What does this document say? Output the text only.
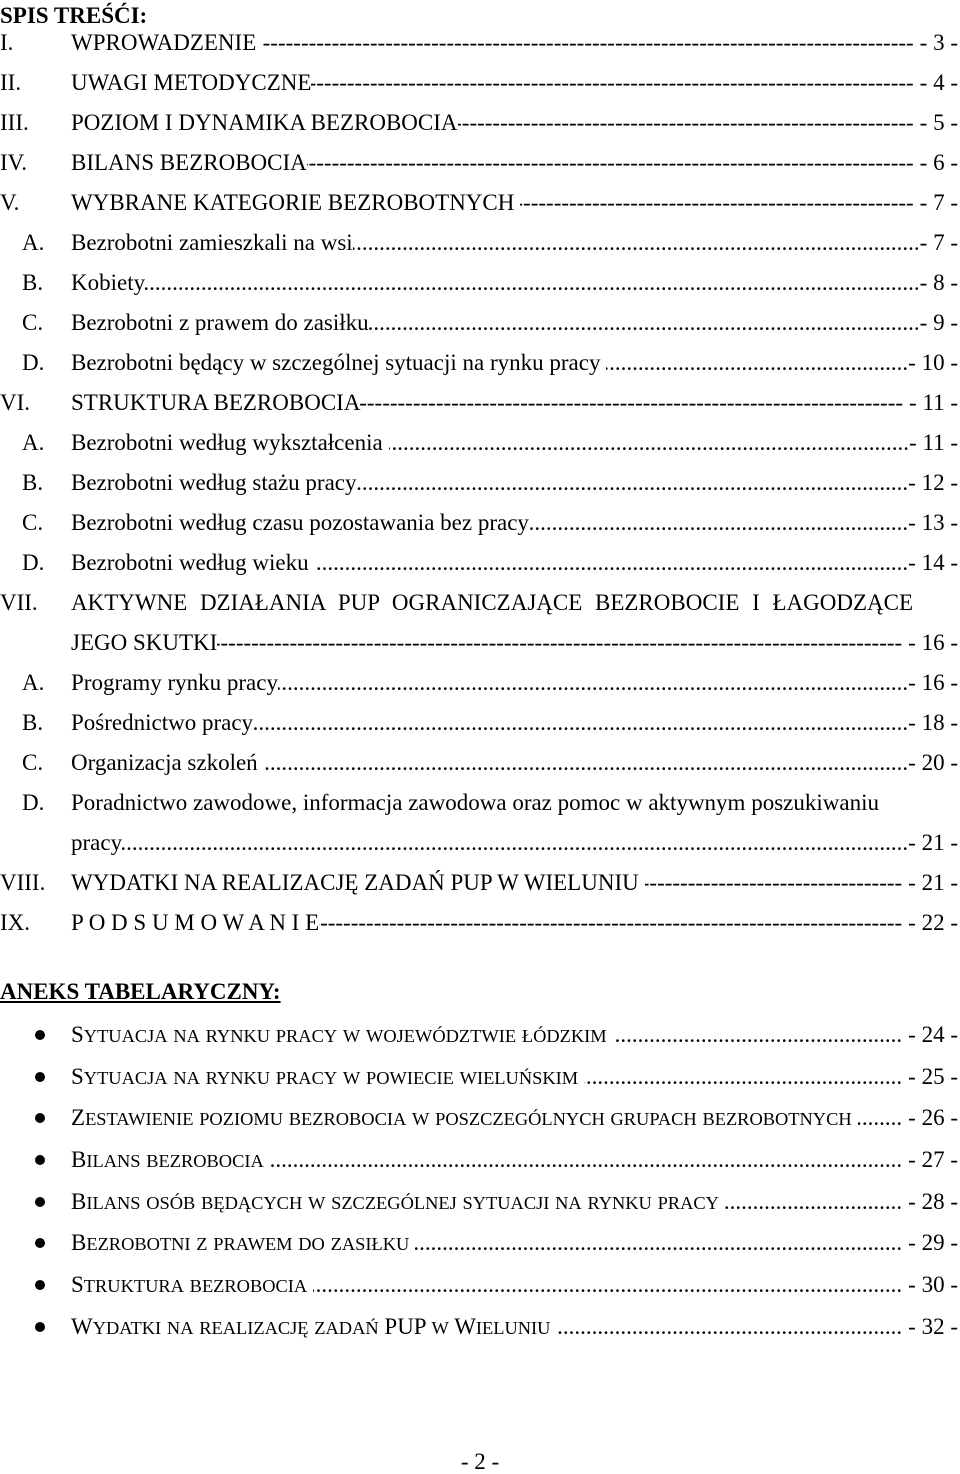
SPIS TREŚĆI:
I.	WPROWADZENIE -----	- 3 -
II.	UWAGI METODYCZNE -----	- 4 -
III.	POZIOM I DYNAMIKA BEZROBOCIA -----	- 5 -
IV.	BILANS BEZROBOCIA -----	- 6 -
V.	WYBRANE KATEGORIE BEZROBOTNYCH -----	- 7 -
A.	Bezrobotni zamieszkali na wsi .....	- 7 -
B.	Kobiety .....	- 8 -
C.	Bezrobotni z prawem do zasiłku .....	- 9 -
D.	Bezrobotni będący w szczególnej sytuacji na rynku pracy .....	- 10 -
VI.	STRUKTURA BEZROBOCIA -----	- 11 -
A.	Bezrobotni według wykształcenia .....	- 11 -
B.	Bezrobotni według stażu pracy .....	- 12 -
C.	Bezrobotni według czasu pozostawania bez pracy .....	- 13 -
D.	Bezrobotni według wieku .....	- 14 -
VII.	AKTYWNE DZIAŁANIA PUP OGRANICZAJĄCE BEZROBOCIE I ŁAGODZĄCE
JEGO SKUTKI -----	- 16 -
A.	Programy rynku pracy .....	- 16 -
B.	Pośrednictwo pracy .....	- 18 -
C.	Organizacja szkoleń .....	- 20 -
D.	Poradnictwo zawodowe, informacja zawodowa oraz pomoc w aktywnym poszukiwaniu
pracy .....	- 21 -
VIII.	WYDATKI NA REALIZACJĘ ZADAŃ PUP W WIELUNIU -----	- 21 -
IX.	P O D S U M O W A N I E -----	- 22 -
ANEKS TABELARYCZNY:
SYTUACJA NA RYNKU PRACY W WOJEWÓDZTWIE ŁÓDZKIM .....	- 24 -
SYTUACJA NA RYNKU PRACY W POWIECIE WIELUŃSKIM .....	- 25 -
ZESTAWIENIE POZIOMU BEZROBOCIA W POSZCZEGÓLNYCH GRUPACH BEZROBOTNYCH ..... - 26 -
BILANS BEZROBOCIA .....	- 27 -
BILANS OSÓB BĘDĄCYCH W SZCZEGÓLNEJ SYTUACJI NA RYNKU PRACY .....	- 28 -
BEZROBOTNI Z PRAWEM DO ZASIŁKU .....	- 29 -
STRUKTURA BEZROBOCIA .....	- 30 -
WYDATKI NA REALIZACJĘ ZADAŃ PUP W WIELUNIU .....	- 32 -
- 2 -
